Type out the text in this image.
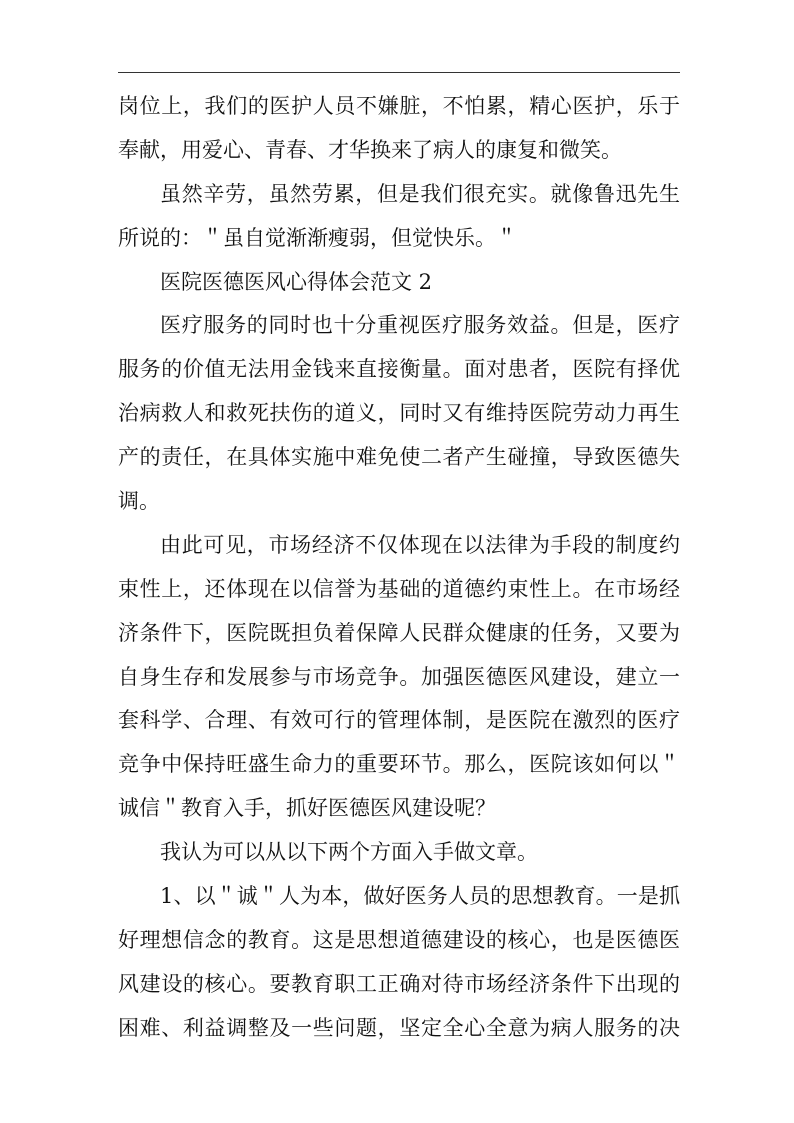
岗位上，我们的医护人员不嫌脏，不怕累，精心医护，乐于
奉献，用爱心、青春、才华换来了病人的康复和微笑。
虽然辛劳，虽然劳累，但是我们很充实。就像鲁迅先生
所说的：＂虽自觉渐渐瘦弱，但觉快乐。＂
医院医德医风心得体会范文 2
医疗服务的同时也十分重视医疗服务效益。但是，医疗
服务的价值无法用金钱来直接衡量。面对患者，医院有择优
治病救人和救死扶伤的道义，同时又有维持医院劳动力再生
产的责任，在具体实施中难免使二者产生碰撞，导致医德失
调。
由此可见，市场经济不仅体现在以法律为手段的制度约
束性上，还体现在以信誉为基础的道德约束性上。在市场经
济条件下，医院既担负着保障人民群众健康的任务，又要为
自身生存和发展参与市场竞争。加强医德医风建设，建立一
套科学、合理、有效可行的管理体制，是医院在激烈的医疗
竞争中保持旺盛生命力的重要环节。那么，医院该如何以＂
诚信＂教育入手，抓好医德医风建设呢？
我认为可以从以下两个方面入手做文章。
1、以＂诚＂人为本，做好医务人员的思想教育。一是抓
好理想信念的教育。这是思想道德建设的核心，也是医德医
风建设的核心。要教育职工正确对待市场经济条件下出现的
困难、利益调整及一些问题，坚定全心全意为病人服务的决
